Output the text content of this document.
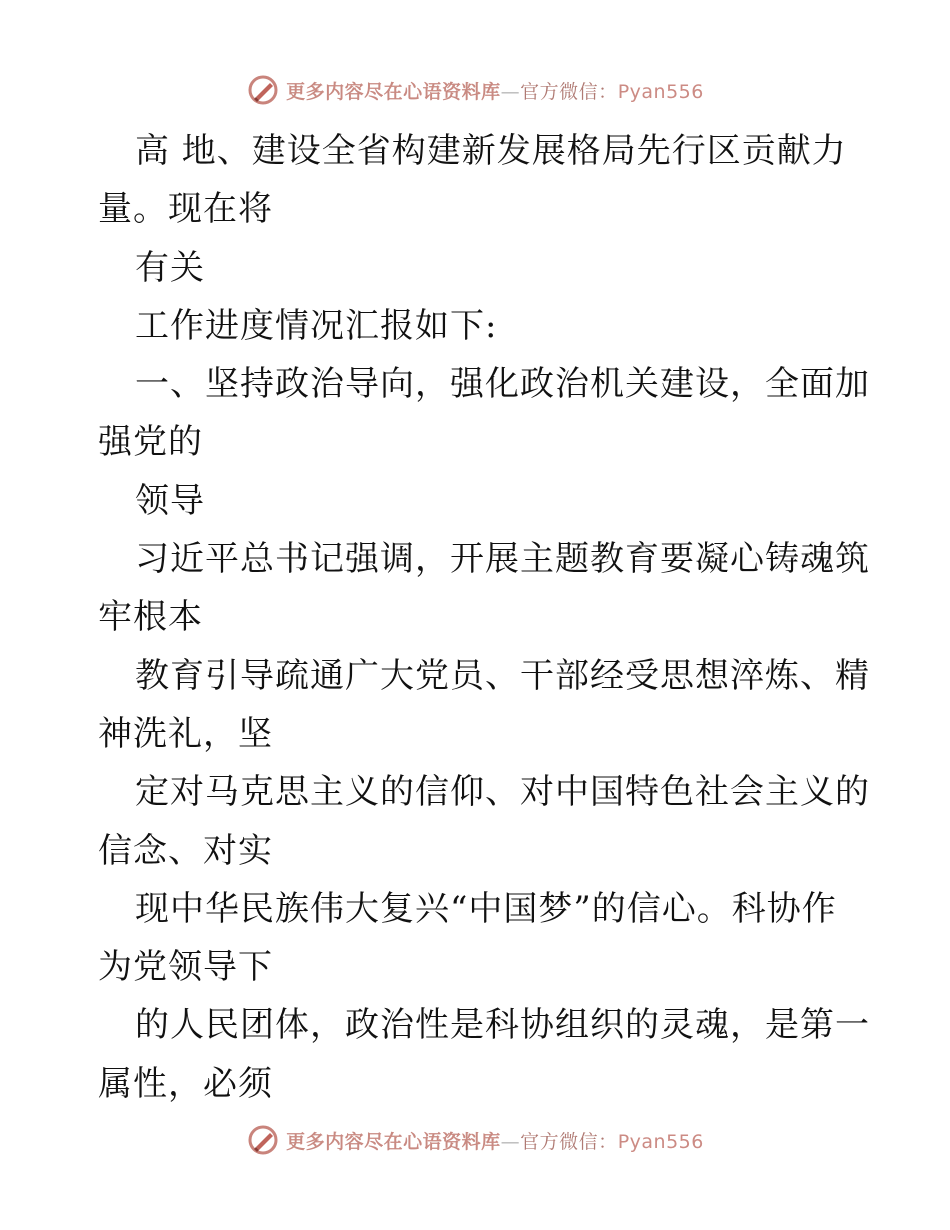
更多内容尽在心语资料库—官方微信：Pyan556
高 地、建设全省构建新发展格局先行区贡献力
量。现在将
有关
工作进度情况汇报如下:
一、坚持政治导向，强化政治机关建设，全面加
强党的
领导
习近平总书记强调，开展主题教育要凝心铸魂筑
牢根本
教育引导疏通广大党员、干部经受思想淬炼、精
神洗礼，坚
定对马克思主义的信仰、对中国特色社会主义的
信念、对实
现中华民族伟大复兴“中国梦”的信心。科协作
为党领导下
的人民团体，政治性是科协组织的灵魂，是第一
属性，必须
更多内容尽在心语资料库—官方微信：Pyan556
